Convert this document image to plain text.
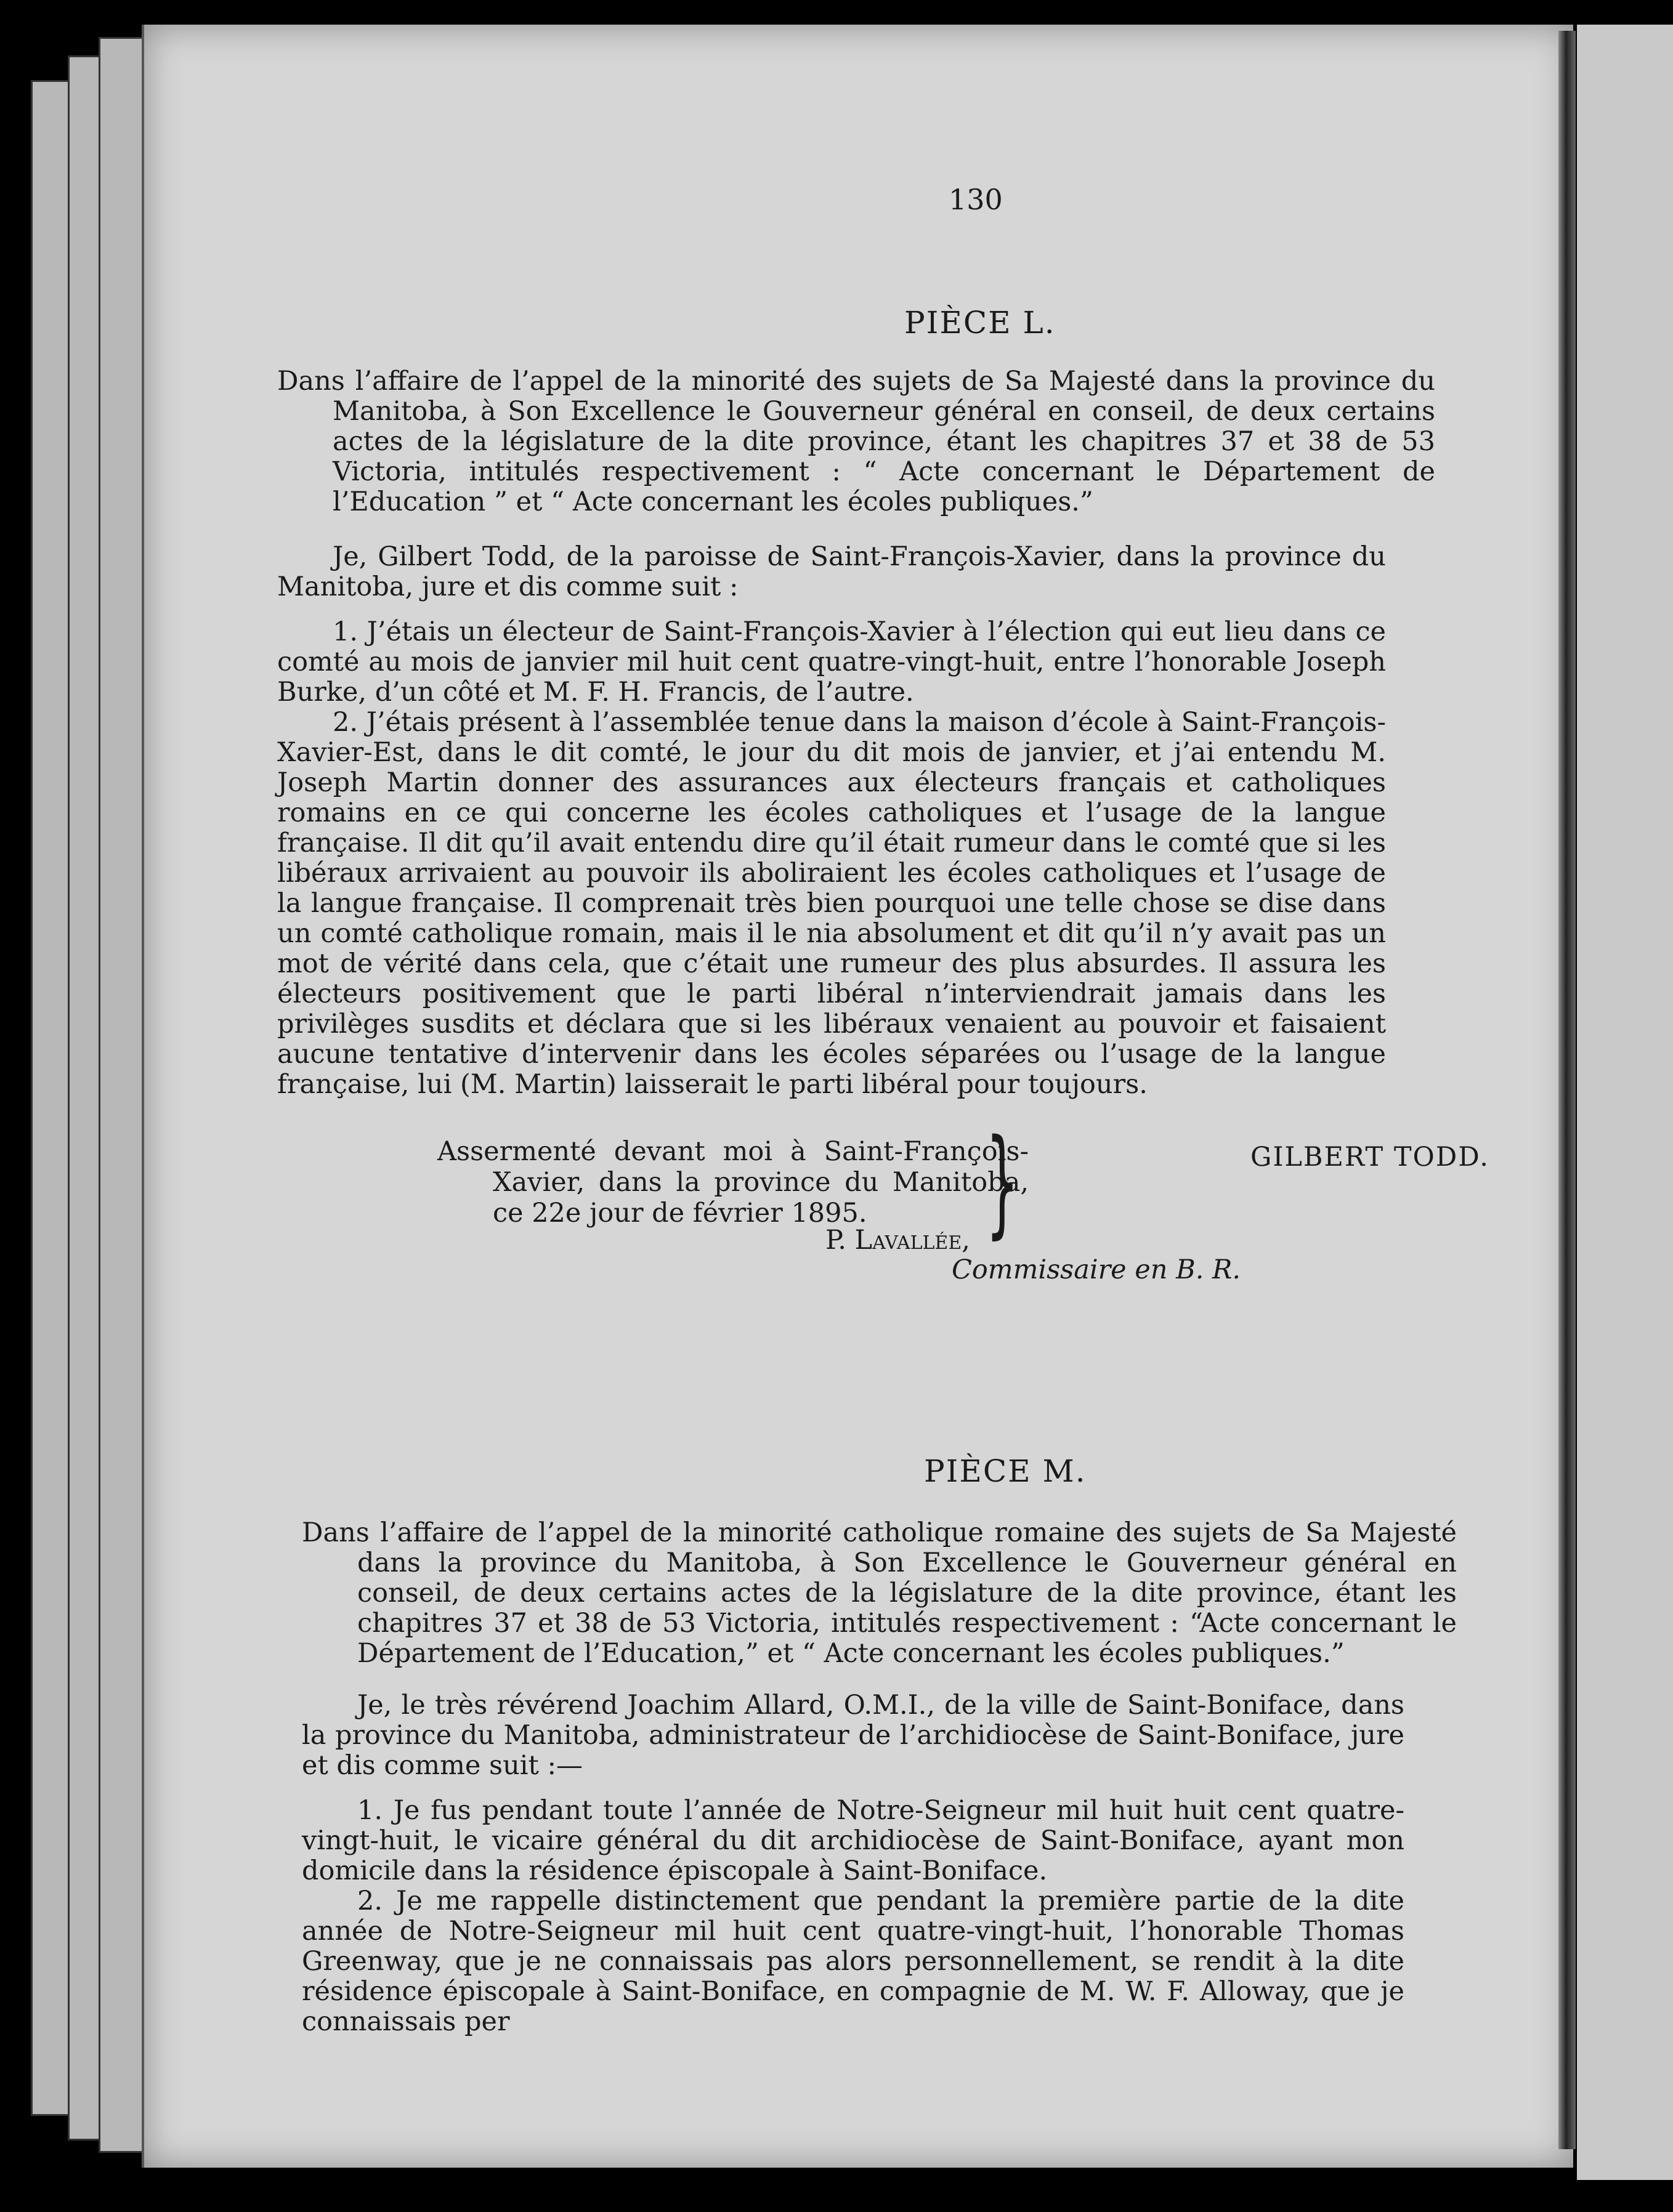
130
PIÈCE L.
Dans l’affaire de l’appel de la minorité des sujets de Sa Majesté dans la province du Manitoba, à Son Excellence le Gouverneur général en conseil, de deux certains actes de la législature de la dite province, étant les chapitres 37 et 38 de 53 Victoria, intitulés respectivement : “ Acte concernant le Département de l’Education ” et “ Acte concernant les écoles publiques.”

Je, Gilbert Todd, de la paroisse de Saint-François-Xavier, dans la province du Manitoba, jure et dis comme suit :

1. J’étais un électeur de Saint-François-Xavier à l’élection qui eut lieu dans ce comté au mois de janvier mil huit cent quatre-vingt-huit, entre l’honorable Joseph Burke, d’un côté et M. F. H. Francis, de l’autre.

2. J’étais présent à l’assemblée tenue dans la maison d’école à Saint-François-Xavier-Est, dans le dit comté, le jour du dit mois de janvier, et j’ai entendu M. Joseph Martin donner des assurances aux électeurs français et catholiques romains en ce qui concerne les écoles catholiques et l’usage de la langue française. Il dit qu’il avait entendu dire qu’il était rumeur dans le comté que si les libéraux arrivaient au pouvoir ils aboliraient les écoles catholiques et l’usage de la langue française. Il comprenait très bien pourquoi une telle chose se dise dans un comté catholique romain, mais il le nia absolument et dit qu’il n’y avait pas un mot de vérité dans cela, que c’était une rumeur des plus absurdes. Il assura les électeurs positivement que le parti libéral n’interviendrait jamais dans les privilèges susdits et déclara que si les libéraux venaient au pouvoir et faisaient aucune tentative d’intervenir dans les écoles séparées ou l’usage de la langue française, lui (M. Martin) laisserait le parti libéral pour toujours.

Assermenté devant moi à Saint-François-Xavier, dans la province du Manitoba, ce 22e jour de février 1895.	}	GILBERT TODD.
P. Lavallée,
Commissaire en B. R.
PIÈCE M.
Dans l’affaire de l’appel de la minorité catholique romaine des sujets de Sa Majesté dans la province du Manitoba, à Son Excellence le Gouverneur général en conseil, de deux certains actes de la législature de la dite province, étant les chapitres 37 et 38 de 53 Victoria, intitulés respectivement : “Acte concernant le Département de l’Education,” et “ Acte concernant les écoles publiques.”

Je, le très révérend Joachim Allard, O.M.I., de la ville de Saint-Boniface, dans la province du Manitoba, administrateur de l’archidiocèse de Saint-Boniface, jure et dis comme suit :—

1. Je fus pendant toute l’année de Notre-Seigneur mil huit huit cent quatre-vingt-huit, le vicaire général du dit archidiocèse de Saint-Boniface, ayant mon domicile dans la résidence épiscopale à Saint-Boniface.

2. Je me rappelle distinctement que pendant la première partie de la dite année de Notre-Seigneur mil huit cent quatre-vingt-huit, l’honorable Thomas Greenway, que je ne connaissais pas alors personnellement, se rendit à la dite résidence épiscopale à Saint-Boniface, en compagnie de M. W. F. Alloway, que je connaissais per
